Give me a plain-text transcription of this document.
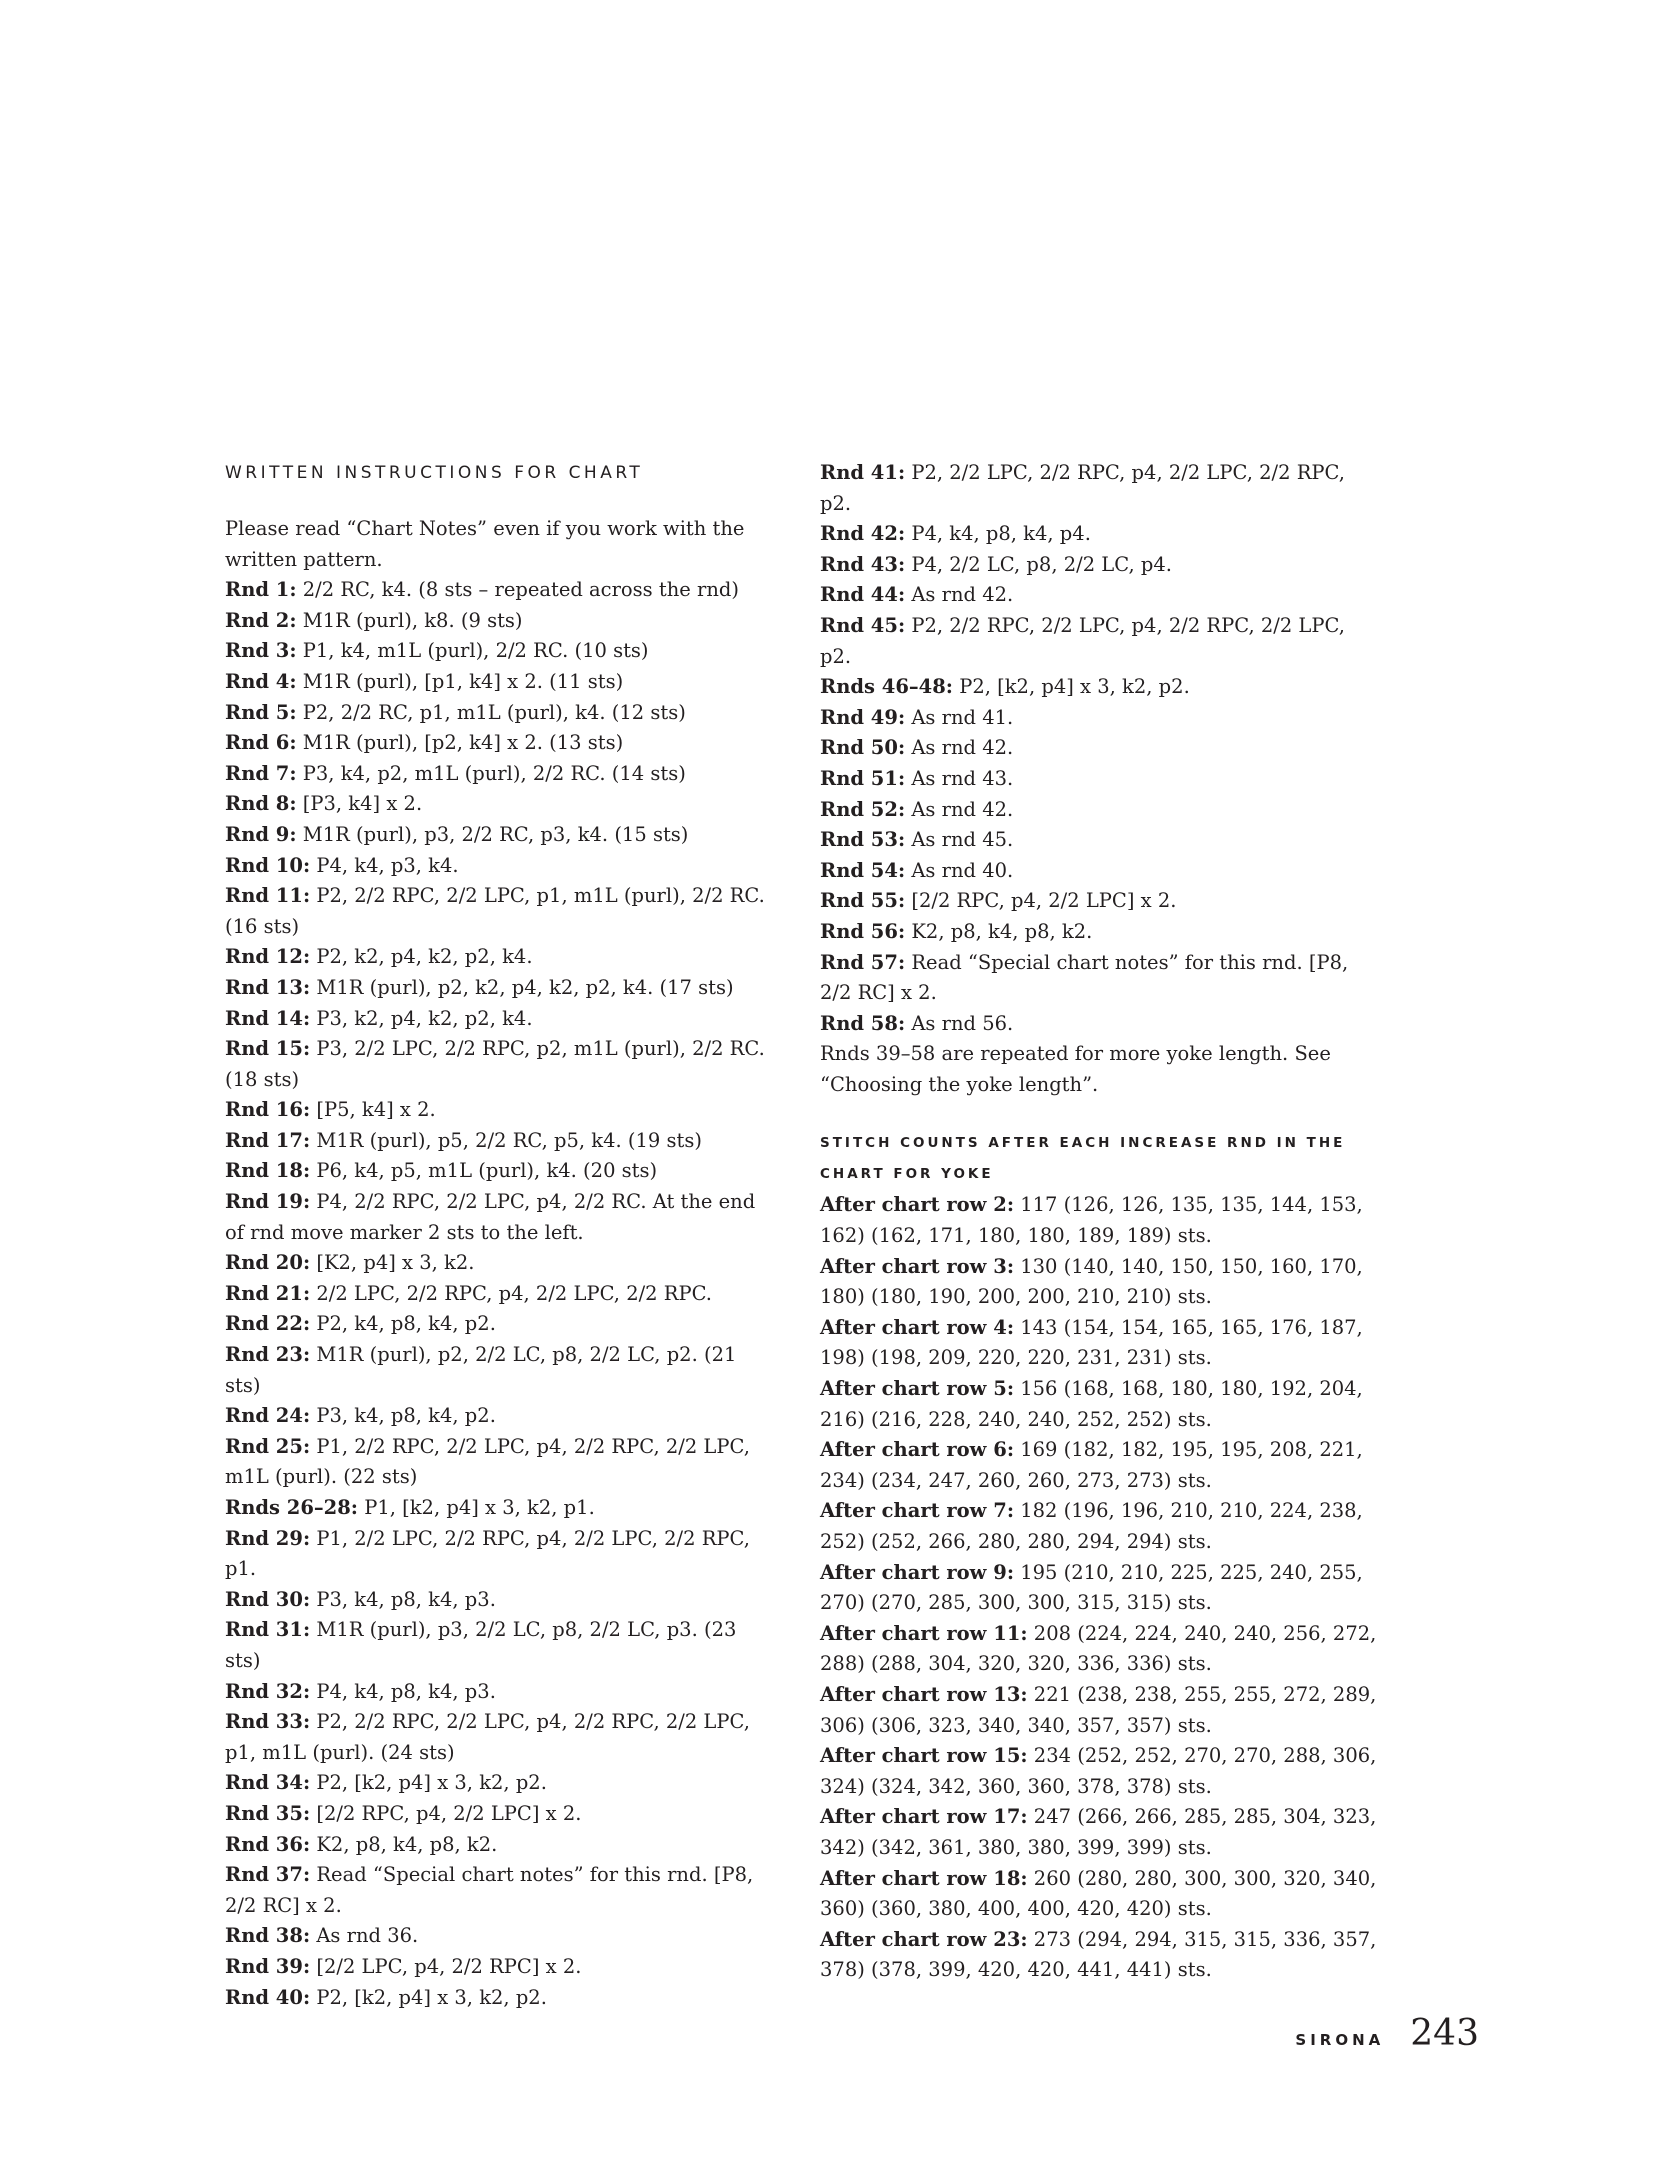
WRITTEN INSTRUCTIONS FOR CHART

Please read “Chart Notes” even if you work with the written pattern.

Rnd 1: 2/2 RC, k4. (8 sts – repeated across the rnd)

Rnd 2: M1R (purl), k8. (9 sts)

Rnd 3: P1, k4, m1L (purl), 2/2 RC. (10 sts)

Rnd 4: M1R (purl), [p1, k4] x 2. (11 sts)

Rnd 5: P2, 2/2 RC, p1, m1L (purl), k4. (12 sts)

Rnd 6: M1R (purl), [p2, k4] x 2. (13 sts)

Rnd 7: P3, k4, p2, m1L (purl), 2/2 RC. (14 sts)

Rnd 8: [P3, k4] x 2.

Rnd 9: M1R (purl), p3, 2/2 RC, p3, k4. (15 sts)

Rnd 10: P4, k4, p3, k4.

Rnd 11: P2, 2/2 RPC, 2/2 LPC, p1, m1L (purl), 2/2 RC. (16 sts)

Rnd 12: P2, k2, p4, k2, p2, k4.

Rnd 13: M1R (purl), p2, k2, p4, k2, p2, k4. (17 sts)

Rnd 14: P3, k2, p4, k2, p2, k4.

Rnd 15: P3, 2/2 LPC, 2/2 RPC, p2, m1L (purl), 2/2 RC. (18 sts)

Rnd 16: [P5, k4] x 2.

Rnd 17: M1R (purl), p5, 2/2 RC, p5, k4. (19 sts)

Rnd 18: P6, k4, p5, m1L (purl), k4. (20 sts)

Rnd 19: P4, 2/2 RPC, 2/2 LPC, p4, 2/2 RC. At the end of rnd move marker 2 sts to the left.

Rnd 20: [K2, p4] x 3, k2.

Rnd 21: 2/2 LPC, 2/2 RPC, p4, 2/2 LPC, 2/2 RPC.

Rnd 22: P2, k4, p8, k4, p2.

Rnd 23: M1R (purl), p2, 2/2 LC, p8, 2/2 LC, p2. (21 sts)

Rnd 24: P3, k4, p8, k4, p2.

Rnd 25: P1, 2/2 RPC, 2/2 LPC, p4, 2/2 RPC, 2/2 LPC, m1L (purl). (22 sts)

Rnds 26–28: P1, [k2, p4] x 3, k2, p1.

Rnd 29: P1, 2/2 LPC, 2/2 RPC, p4, 2/2 LPC, 2/2 RPC, p1.

Rnd 30: P3, k4, p8, k4, p3.

Rnd 31: M1R (purl), p3, 2/2 LC, p8, 2/2 LC, p3. (23 sts)

Rnd 32: P4, k4, p8, k4, p3.

Rnd 33: P2, 2/2 RPC, 2/2 LPC, p4, 2/2 RPC, 2/2 LPC, p1, m1L (purl). (24 sts)

Rnd 34: P2, [k2, p4] x 3, k2, p2.

Rnd 35: [2/2 RPC, p4, 2/2 LPC] x 2.

Rnd 36: K2, p8, k4, p8, k2.

Rnd 37: Read “Special chart notes” for this rnd. [P8, 2/2 RC] x 2.

Rnd 38: As rnd 36.

Rnd 39: [2/2 LPC, p4, 2/2 RPC] x 2.

Rnd 40: P2, [k2, p4] x 3, k2, p2.

Rnd 41: P2, 2/2 LPC, 2/2 RPC, p4, 2/2 LPC, 2/2 RPC, p2.

Rnd 42: P4, k4, p8, k4, p4.

Rnd 43: P4, 2/2 LC, p8, 2/2 LC, p4.

Rnd 44: As rnd 42.

Rnd 45: P2, 2/2 RPC, 2/2 LPC, p4, 2/2 RPC, 2/2 LPC, p2.

Rnds 46–48: P2, [k2, p4] x 3, k2, p2.

Rnd 49: As rnd 41.

Rnd 50: As rnd 42.

Rnd 51: As rnd 43.

Rnd 52: As rnd 42.

Rnd 53: As rnd 45.

Rnd 54: As rnd 40.

Rnd 55: [2/2 RPC, p4, 2/2 LPC] x 2.

Rnd 56: K2, p8, k4, p8, k2.

Rnd 57: Read “Special chart notes” for this rnd. [P8, 2/2 RC] x 2.

Rnd 58: As rnd 56.

Rnds 39–58 are repeated for more yoke length. See “Choosing the yoke length”.

STITCH COUNTS AFTER EACH INCREASE RND IN THE CHART FOR YOKE

After chart row 2: 117 (126, 126, 135, 135, 144, 153, 162) (162, 171, 180, 180, 189, 189) sts.

After chart row 3: 130 (140, 140, 150, 150, 160, 170, 180) (180, 190, 200, 200, 210, 210) sts.

After chart row 4: 143 (154, 154, 165, 165, 176, 187, 198) (198, 209, 220, 220, 231, 231) sts.

After chart row 5: 156 (168, 168, 180, 180, 192, 204, 216) (216, 228, 240, 240, 252, 252) sts.

After chart row 6: 169 (182, 182, 195, 195, 208, 221, 234) (234, 247, 260, 260, 273, 273) sts.

After chart row 7: 182 (196, 196, 210, 210, 224, 238, 252) (252, 266, 280, 280, 294, 294) sts.

After chart row 9: 195 (210, 210, 225, 225, 240, 255, 270) (270, 285, 300, 300, 315, 315) sts.

After chart row 11: 208 (224, 224, 240, 240, 256, 272, 288) (288, 304, 320, 320, 336, 336) sts.

After chart row 13: 221 (238, 238, 255, 255, 272, 289, 306) (306, 323, 340, 340, 357, 357) sts.

After chart row 15: 234 (252, 252, 270, 270, 288, 306, 324) (324, 342, 360, 360, 378, 378) sts.

After chart row 17: 247 (266, 266, 285, 285, 304, 323, 342) (342, 361, 380, 380, 399, 399) sts.

After chart row 18: 260 (280, 280, 300, 300, 320, 340, 360) (360, 380, 400, 400, 420, 420) sts.

After chart row 23: 273 (294, 294, 315, 315, 336, 357, 378) (378, 399, 420, 420, 441, 441) sts.

SIRONA 243
